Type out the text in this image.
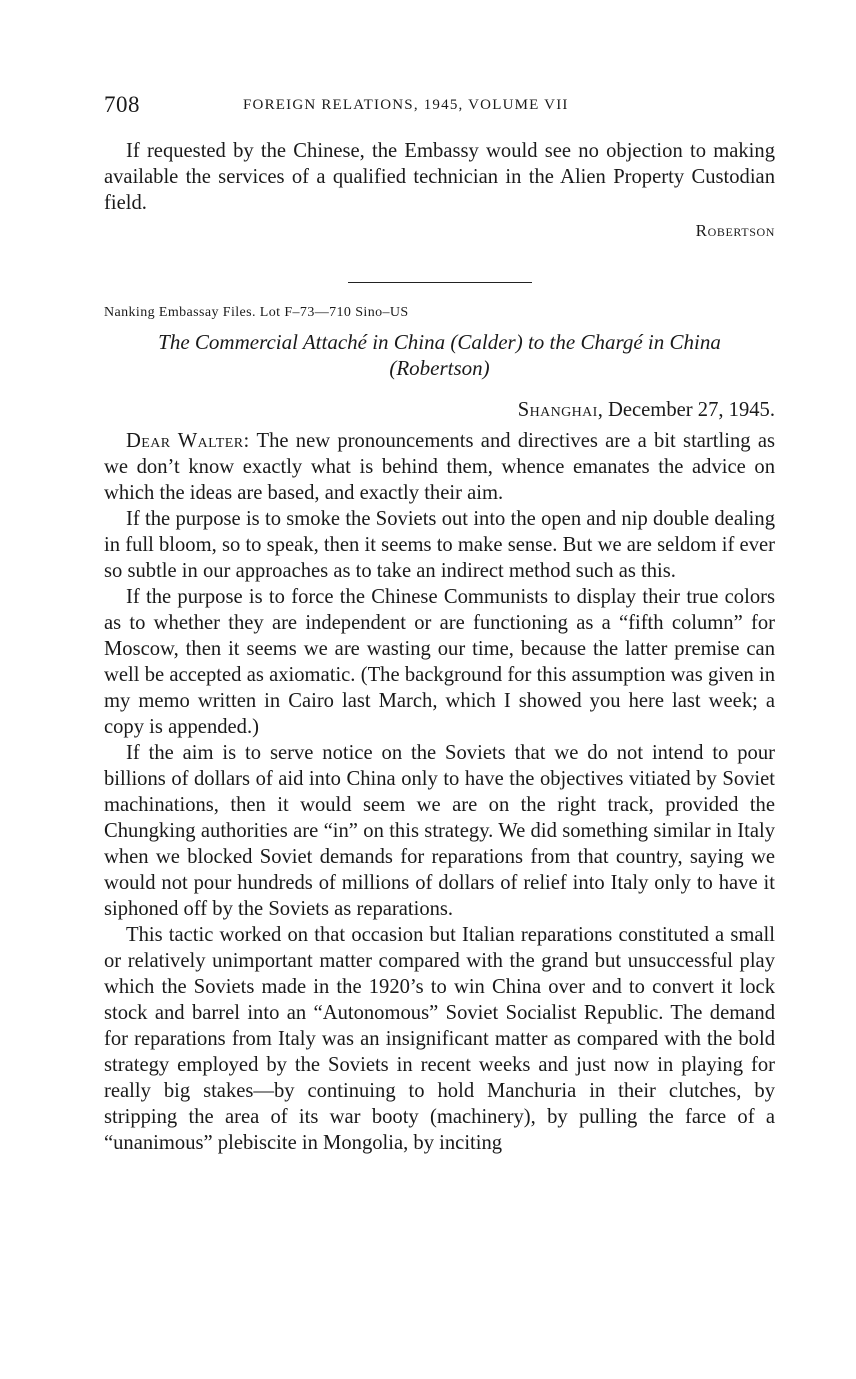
708	FOREIGN RELATIONS, 1945, VOLUME VII

If requested by the Chinese, the Embassy would see no objection to making available the services of a qualified technician in the Alien Property Custodian field.

Robertson
Nanking Embassay Files. Lot F–73—710 Sino–US
The Commercial Attaché in China (Calder) to the Chargé in China
(Robertson)
Shanghai, December 27, 1945.

Dear Walter: The new pronouncements and directives are a bit startling as we don’t know exactly what is behind them, whence emanates the advice on which the ideas are based, and exactly their aim.

If the purpose is to smoke the Soviets out into the open and nip double dealing in full bloom, so to speak, then it seems to make sense. But we are seldom if ever so subtle in our approaches as to take an indirect method such as this.

If the purpose is to force the Chinese Communists to display their true colors as to whether they are independent or are functioning as a “fifth column” for Moscow, then it seems we are wasting our time, because the latter premise can well be accepted as axiomatic. (The background for this assumption was given in my memo written in Cairo last March, which I showed you here last week; a copy is appended.)

If the aim is to serve notice on the Soviets that we do not intend to pour billions of dollars of aid into China only to have the objectives vitiated by Soviet machinations, then it would seem we are on the right track, provided the Chungking authorities are “in” on this strategy. We did something similar in Italy when we blocked Soviet demands for reparations from that country, saying we would not pour hundreds of millions of dollars of relief into Italy only to have it siphoned off by the Soviets as reparations.

This tactic worked on that occasion but Italian reparations constituted a small or relatively unimportant matter compared with the grand but unsuccessful play which the Soviets made in the 1920’s to win China over and to convert it lock stock and barrel into an “Autonomous” Soviet Socialist Republic. The demand for reparations from Italy was an insignificant matter as compared with the bold strategy employed by the Soviets in recent weeks and just now in playing for really big stakes—by continuing to hold Manchuria in their clutches, by stripping the area of its war booty (machinery), by pulling the farce of a “unanimous” plebiscite in Mongolia, by inciting
